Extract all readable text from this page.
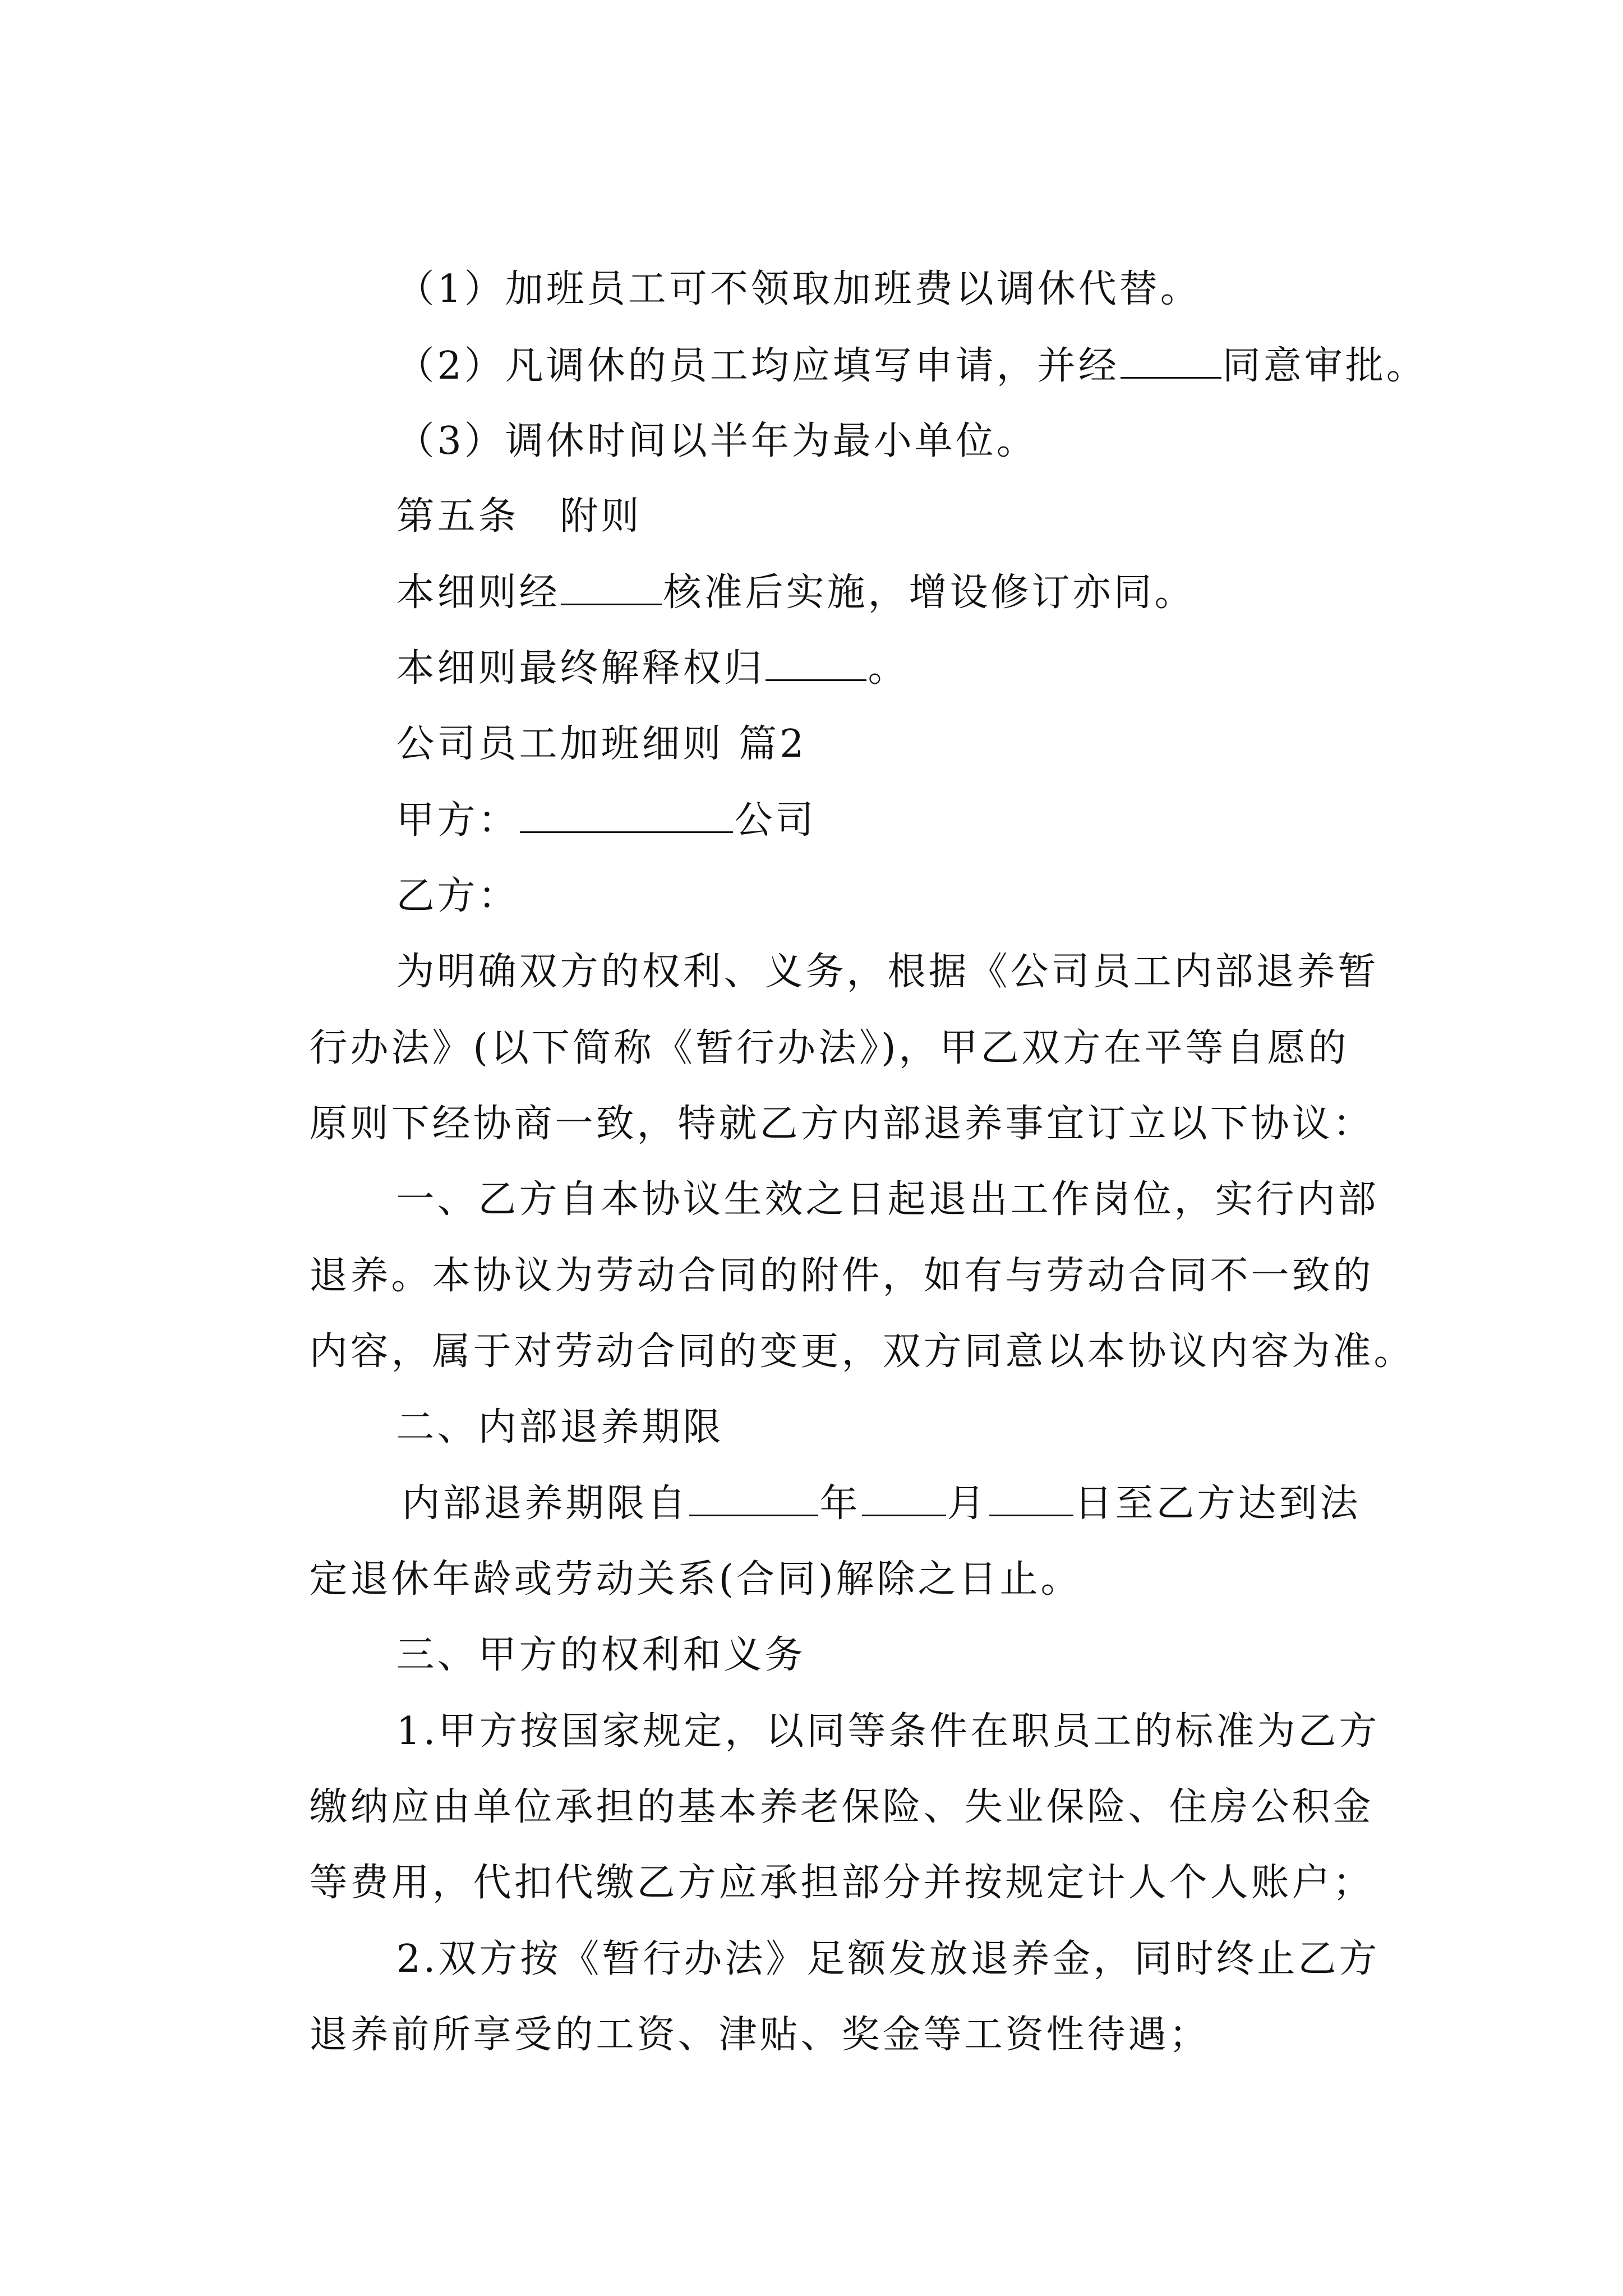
（1）加班员工可不领取加班费以调休代替。

（2）凡调休的员工均应填写申请，并经	同意审批。

（3）调休时间以半年为最小单位。

第五条　附则

本细则经	核准后实施，增设修订亦同。

本细则最终解释权归	。

公司员工加班细则 篇2

甲方：	公司

乙方：

为明确双方的权利、义务，根据《公司员工内部退养暂

行办法》(以下简称《暂行办法》)，甲乙双方在平等自愿的

原则下经协商一致，特就乙方内部退养事宜订立以下协议：

一、乙方自本协议生效之日起退出工作岗位，实行内部

退养。本协议为劳动合同的附件，如有与劳动合同不一致的

内容，属于对劳动合同的变更，双方同意以本协议内容为准。

二、内部退养期限

内部退养期限自	年 月 日至乙方达到法

定退休年龄或劳动关系(合同)解除之日止。

三、甲方的权利和义务

1.甲方按国家规定，以同等条件在职员工的标准为乙方

缴纳应由单位承担的基本养老保险、失业保险、住房公积金

等费用，代扣代缴乙方应承担部分并按规定计人个人账户；

2.双方按《暂行办法》足额发放退养金，同时终止乙方

退养前所享受的工资、津贴、奖金等工资性待遇；
